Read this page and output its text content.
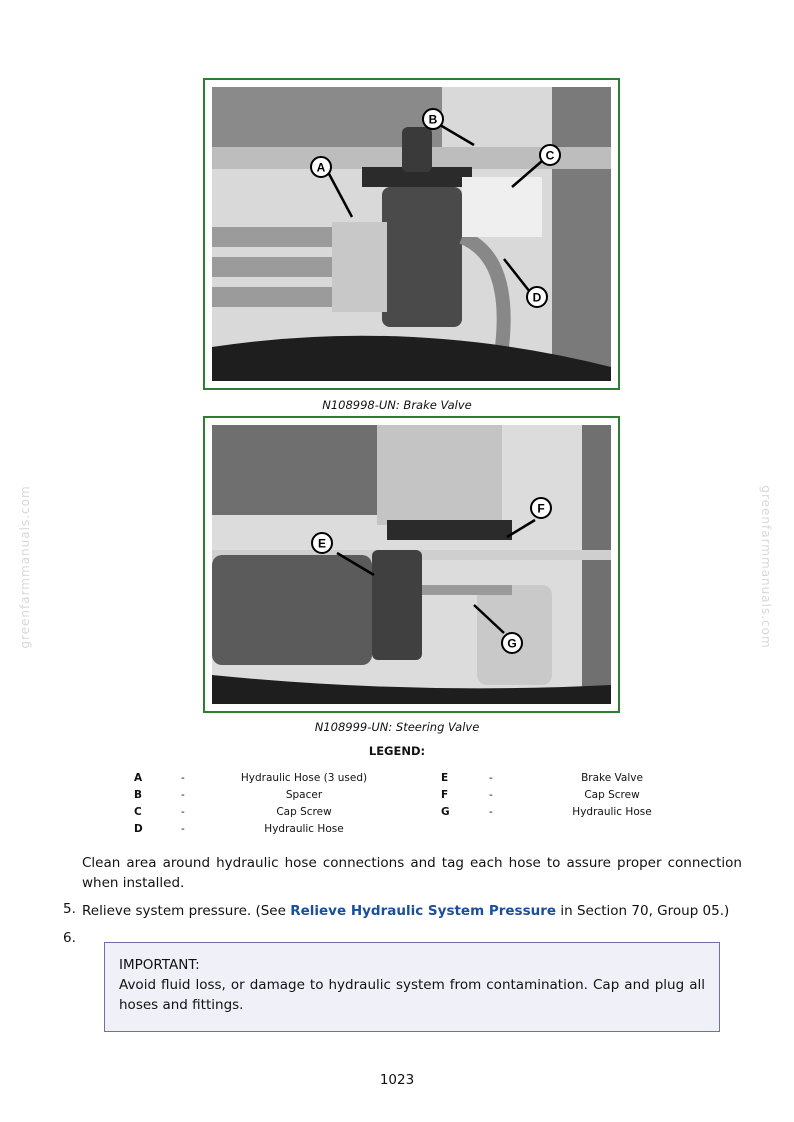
greenfarmmanuals.com	greenfarmmanuals.com
A
B
C
D
N108998-UN: Brake Valve
E
F
G
N108999-UN: Steering Valve
LEGEND:
A	-	Hydraulic Hose (3 used)
B	-	Spacer
C	-	Cap Screw
D	-	Hydraulic Hose
E	-	Brake Valve
F	-	Cap Screw
G	-	Hydraulic Hose
Clean area around hydraulic hose connections and tag each hose to assure proper connection when installed.
5. Relieve system pressure. (See Relieve Hydraulic System Pressure in Section 70, Group 05.)
6.
IMPORTANT:
Avoid fluid loss, or damage to hydraulic system from contamination. Cap and plug all hoses and fittings.
1023
